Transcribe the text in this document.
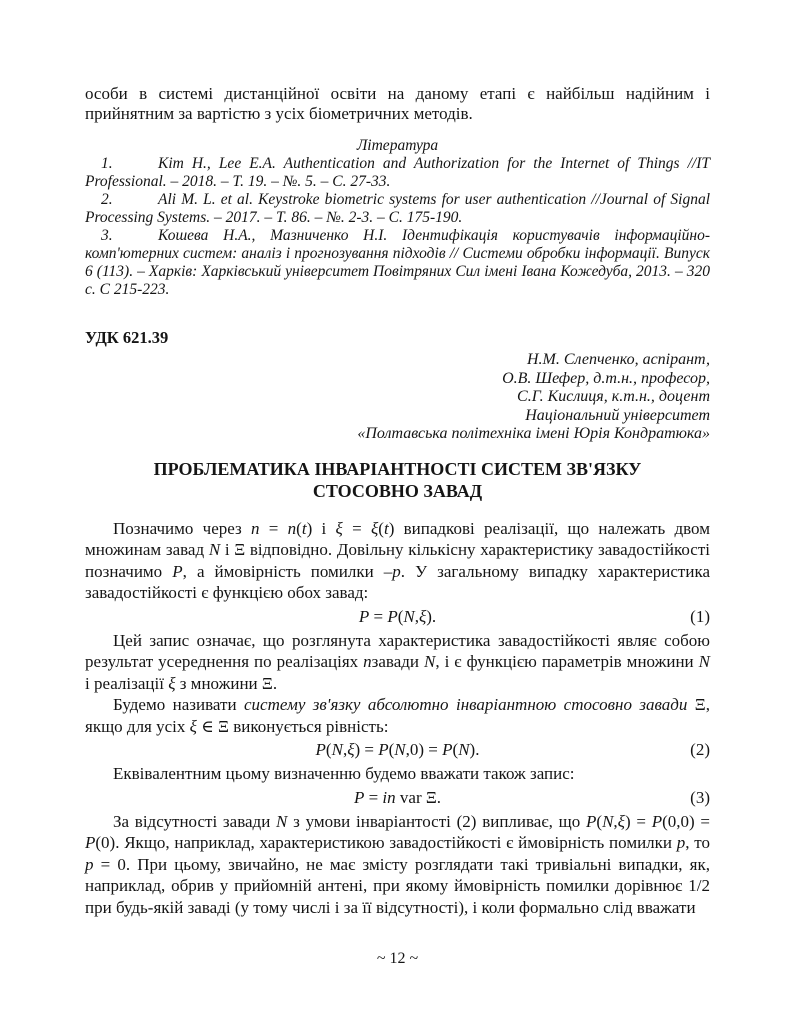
особи в системі дистанційної освіти на даному етапі є найбільш надійним і прийнятним за вартістю з усіх біометричних методів.

Література

1.	Kim H., Lee E.A. Authentication and Authorization for the Internet of Things //IT Professional. – 2018. – Т. 19. – №. 5. – С. 27-33.

2.	Ali M. L. et al. Keystroke biometric systems for user authentication //Journal of Signal Processing Systems. – 2017. – Т. 86. – №. 2-3. – С. 175-190.

3.	Кошева Н.А., Мазниченко Н.І. Ідентифікація користувачів інформаційно-комп'ютерних систем: аналіз і прогнозування підходів // Системи обробки інформації. Випуск 6 (113). – Харків: Харківський університет Повітряних Сил імені Івана Кожедуба, 2013. – 320 с. С 215-223.

УДК 621.39
Н.М. Слепченко, аспірант,
О.В. Шефер, д.т.н., професор,
С.Г. Кислиця, к.т.н., доцент
Національний університет
«Полтавська політехніка імені Юрія Кондратюка»
ПРОБЛЕМАТИКА ІНВАРІАНТНОСТІ СИСТЕМ ЗВ'ЯЗКУ
СТОСОВНО ЗАВАД

Позначимо через n = n(t) і ξ = ξ(t) випадкові реалізації, що належать двом множинам завад N і Ξ відповідно. Довільну кількісну характеристику завадостійкості позначимо P, а ймовірність помилки –p. У загальному випадку характеристика завадостійкості є функцією обох завад:

P = P(N,ξ).	(1)

Цей запис означає, що розглянута характеристика завадостійкості являє собою результат усереднення по реалізаціях nзавади N, і є функцією параметрів множини N і реалізації ξ з множини Ξ.

Будемо називати систему зв'язку абсолютно інваріантною стосовно завади Ξ, якщо для усіх ξ ∈ Ξ виконується рівність:

P(N,ξ) = P(N,0) = P(N).	(2)

Еквівалентним цьому визначенню будемо вважати також запис:

P = in var Ξ.	(3)

За відсутності завади N з умови інваріантості (2) випливає, що P(N,ξ) = P(0,0) = P(0). Якщо, наприклад, характеристикою завадостійкості є ймовірність помилки p, то p = 0. При цьому, звичайно, не має змісту розглядати такі тривіальні випадки, як, наприклад, обрив у прийомній антені, при якому ймовірність помилки дорівнює 1/2 при будь-якій заваді (у тому числі і за її відсутності), і коли формально слід вважати

~ 12 ~
